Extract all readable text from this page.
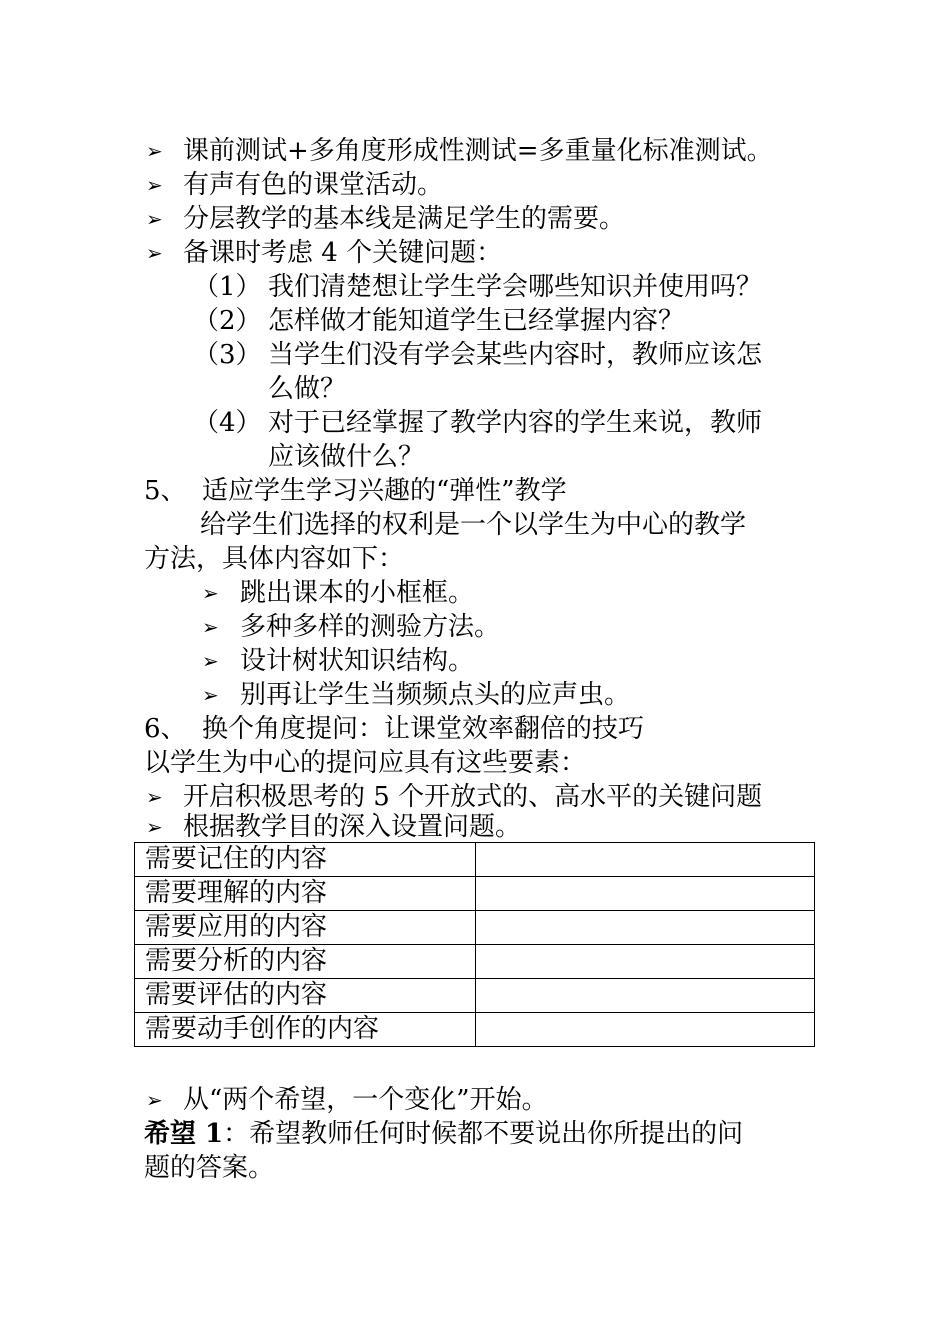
➢ 课前测试+多角度形成性测试=多重量化标准测试。
➢ 有声有色的课堂活动。
➢ 分层教学的基本线是满足学生的需要。
➢ 备课时考虑 4 个关键问题：
（1） 我们清楚想让学生学会哪些知识并使用吗？
（2） 怎样做才能知道学生已经掌握内容？
（3） 当学生们没有学会某些内容时，教师应该怎
么做？
（4） 对于已经掌握了教学内容的学生来说，教师
应该做什么？
5、 适应学生学习兴趣的“弹性”教学
给学生们选择的权利是一个以学生为中心的教学
方法，具体内容如下：
➢ 跳出课本的小框框。
➢ 多种多样的测验方法。
➢ 设计树状知识结构。
➢ 别再让学生当频频点头的应声虫。
6、 换个角度提问：让课堂效率翻倍的技巧
以学生为中心的提问应具有这些要素：
➢ 开启积极思考的 5 个开放式的、高水平的关键问题
➢ 根据教学目的深入设置问题。
需要记住的内容	
需要理解的内容	
需要应用的内容	
需要分析的内容	
需要评估的内容	
需要动手创作的内容	
➢ 从“两个希望，一个变化”开始。
希望 1：希望教师任何时候都不要说出你所提出的问
题的答案。
